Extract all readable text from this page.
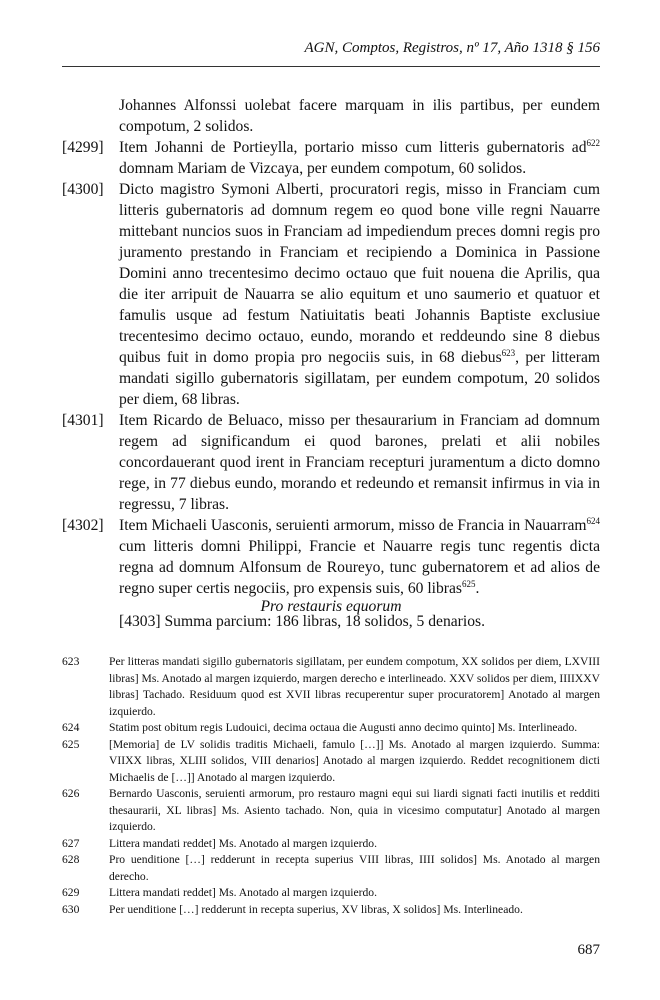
AGN, Comptos, Registros, nº 17, Año 1318 § 156
Johannes Alfonssi uolebat facere marquam in ilis partibus, per eundem compotum, 2 solidos.
[4299] Item Johanni de Portieylla, portario misso cum litteris gubernatoris $ad^{622}$ domnam Mariam de Vizcaya, per eundem compotum, 60 solidos.
[4300] Dicto magistro Symoni Alberti, procuratori regis, misso in Franciam cum litteris gubernatoris ad domnum regem eo quod bone ville regni Nauarre mittebant nuncios suos in Franciam ad impediendum preces domni regis pro juramento prestando in Franciam et recipiendo a Dominica in Passione Domini anno trecentesimo decimo octauo que fuit nouena die Aprilis, qua die iter arripuit de Nauarra se alio equitum et uno saumerio et quatuor et famulis usque ad festum Natiuitatis beati Johannis Baptiste exclusiue trecentesimo decimo octauo, eundo, morando et reddeundo sine 8 diebus quibus fuit in domo propia pro negociis suis, in 68 diebus$^{623}$, per litteram mandati sigillo gubernatoris sigillatam, per eundem compotum, 20 solidos per diem, 68 libras.
[4301] Item Ricardo de Beluaco, misso per thesaurarium in Franciam ad domnum regem ad significandum ei quod barones, prelati et alii nobiles concordauerant quod irent in Franciam recepturi juramentum a dicto domno rege, in 77 diebus eundo, morando et redeundo et remansit infirmus in via in regressu, 7 libras.
[4302] Item Michaeli Uasconis, seruienti armorum, misso de Francia in Nauarram$^{624}$ cum litteris domni Philippi, Francie et Nauarre regis tunc regentis dicta regna ad domnum Alfonsum de Roureyo, tunc gubernatorem et ad alios de regno super certis negociis, pro expensis suis, 60 libras$^{625}$.
[4303] Summa parcium: 186 libras, 18 solidos, 5 denarios.
Pro restauris equorum
623	Per litteras mandati sigillo gubernatoris sigillatam, per eundem compotum, XX solidos per diem, LXVIII libras] Ms. Anotado al margen izquierdo, margen derecho e interlineado. XXV solidos per diem, IIIIXXV libras] Tachado. Residuum quod est XVII libras recuperentur super procuratorem] Anotado al margen izquierdo.
624	Statim post obitum regis Ludouici, decima octaua die Augusti anno decimo quinto] Ms. Interlineado.
625	[Memoria] de LV solidis traditis Michaeli, famulo […]] Ms. Anotado al margen izquierdo. Summa: VIIXX libras, XLIII solidos, VIII denarios] Anotado al margen izquierdo. Reddet recognitionem dicti Michaelis de […]] Anotado al margen izquierdo.
626	Bernardo Uasconis, seruienti armorum, pro restauro magni equi sui liardi signati facti inutilis et redditi thesaurarii, XL libras] Ms. Asiento tachado. Non, quia in vicesimo computatur] Anotado al margen izquierdo.
627	Littera mandati reddet] Ms. Anotado al margen izquierdo.
628	Pro uenditione […] redderunt in recepta superius VIII libras, IIII solidos] Ms. Anotado al margen derecho.
629	Littera mandati reddet] Ms. Anotado al margen izquierdo.
630	Per uenditione […] redderunt in recepta superius, XV libras, X solidos] Ms. Interlineado.
687
